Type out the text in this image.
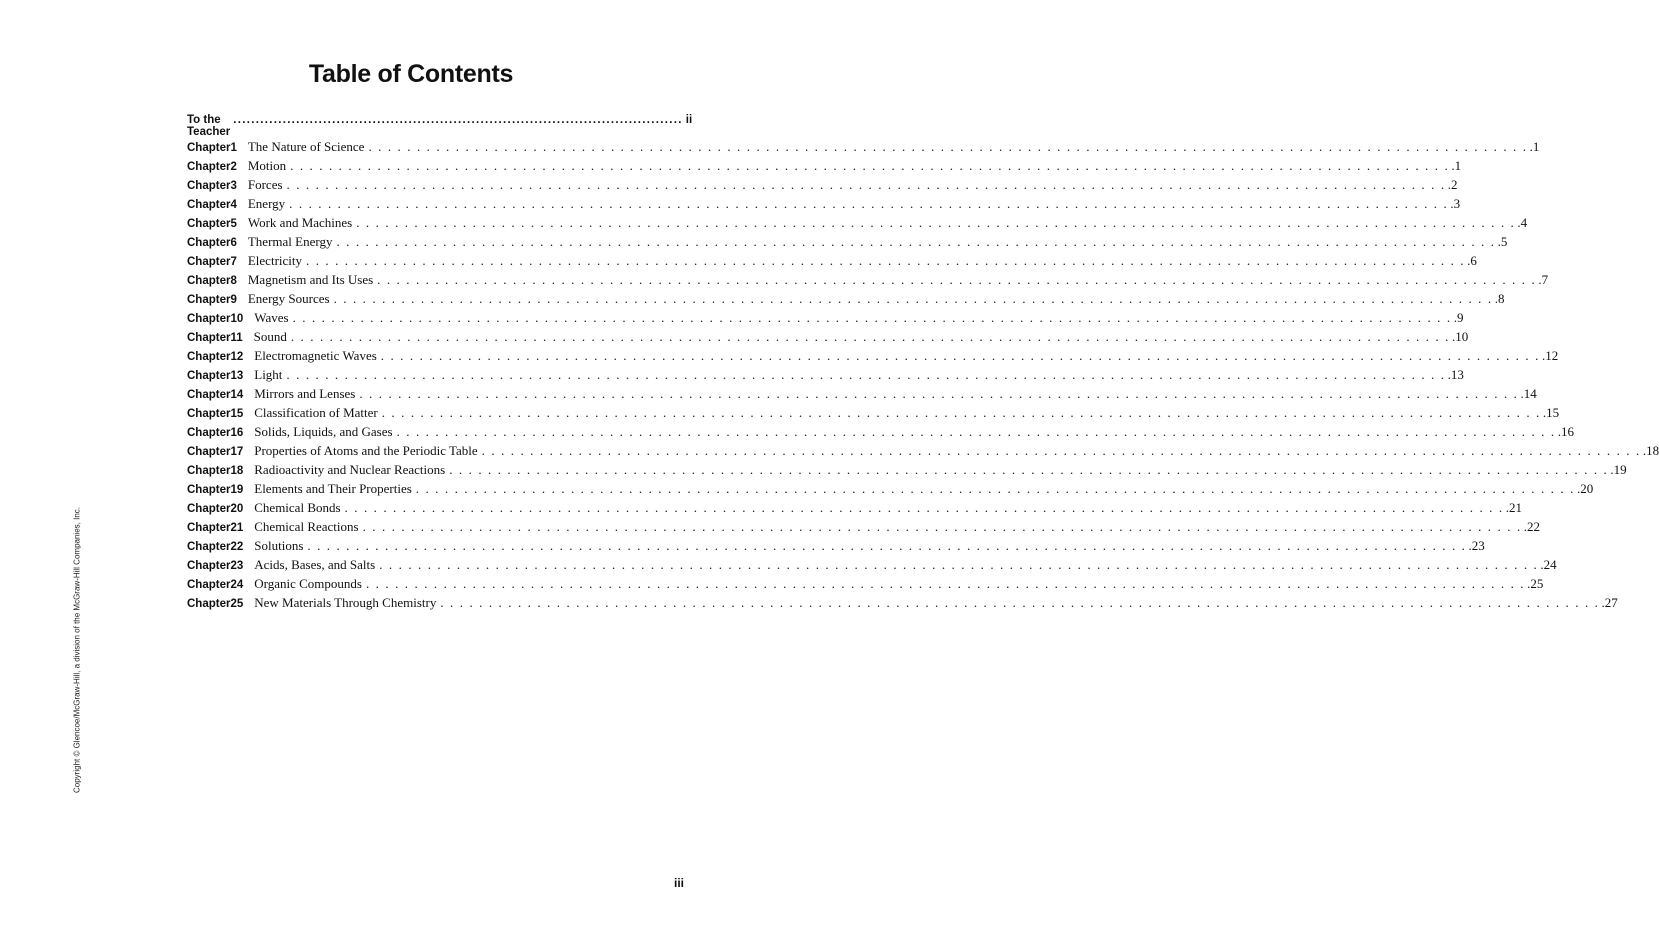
Table of Contents
To the Teacher
.................................................................................................... ii
Chapter 1 The Nature of Science . . . . . . . . . . . . . . . . . . . . . . . . . . . . . . . . . . . . . . . . . . . . . . . . . . . . . . . . . . . . . . . . . . . . . . . . . . . . . . . . . . . . . . . . . . . . . . . . . . . . . . . . . . . . . . . . . . . . . . . . .1
Chapter 2 Motion . . . . . . . . . . . . . . . . . . . . . . . . . . . . . . . . . . . . . . . . . . . . . . . . . . . . . . . . . . . . . . . . . . . . . . . . . . . . . . . . . . . . . . . . . . . . . . . . . . . . . . . . . . . . . . . . . . . . . . . . .1
Chapter 3 Forces . . . . . . . . . . . . . . . . . . . . . . . . . . . . . . . . . . . . . . . . . . . . . . . . . . . . . . . . . . . . . . . . . . . . . . . . . . . . . . . . . . . . . . . . . . . . . . . . . . . . . . . . . . . . . . . . . . . . . . . . .2
Chapter 4 Energy . . . . . . . . . . . . . . . . . . . . . . . . . . . . . . . . . . . . . . . . . . . . . . . . . . . . . . . . . . . . . . . . . . . . . . . . . . . . . . . . . . . . . . . . . . . . . . . . . . . . . . . . . . . . . . . . . . . . . . . . .3
Chapter 5 Work and Machines . . . . . . . . . . . . . . . . . . . . . . . . . . . . . . . . . . . . . . . . . . . . . . . . . . . . . . . . . . . . . . . . . . . . . . . . . . . . . . . . . . . . . . . . . . . . . . . . . . . . . . . . . . . . . . . . . . . . . . . . .4
Chapter 6 Thermal Energy . . . . . . . . . . . . . . . . . . . . . . . . . . . . . . . . . . . . . . . . . . . . . . . . . . . . . . . . . . . . . . . . . . . . . . . . . . . . . . . . . . . . . . . . . . . . . . . . . . . . . . . . . . . . . . . . . . . . . . . . .5
Chapter 7 Electricity . . . . . . . . . . . . . . . . . . . . . . . . . . . . . . . . . . . . . . . . . . . . . . . . . . . . . . . . . . . . . . . . . . . . . . . . . . . . . . . . . . . . . . . . . . . . . . . . . . . . . . . . . . . . . . . . . . . . . . . . .6
Chapter 8 Magnetism and Its Uses . . . . . . . . . . . . . . . . . . . . . . . . . . . . . . . . . . . . . . . . . . . . . . . . . . . . . . . . . . . . . . . . . . . . . . . . . . . . . . . . . . . . . . . . . . . . . . . . . . . . . . . . . . . . . . . . . . . . . . . . .7
Chapter 9 Energy Sources . . . . . . . . . . . . . . . . . . . . . . . . . . . . . . . . . . . . . . . . . . . . . . . . . . . . . . . . . . . . . . . . . . . . . . . . . . . . . . . . . . . . . . . . . . . . . . . . . . . . . . . . . . . . . . . . . . . . . . . . .8
Chapter 10 Waves . . . . . . . . . . . . . . . . . . . . . . . . . . . . . . . . . . . . . . . . . . . . . . . . . . . . . . . . . . . . . . . . . . . . . . . . . . . . . . . . . . . . . . . . . . . . . . . . . . . . . . . . . . . . . . . . . . . . . . . . .9
Chapter 11 Sound . . . . . . . . . . . . . . . . . . . . . . . . . . . . . . . . . . . . . . . . . . . . . . . . . . . . . . . . . . . . . . . . . . . . . . . . . . . . . . . . . . . . . . . . . . . . . . . . . . . . . . . . . . . . . . . . . . . . . . . . .10
Chapter 12 Electromagnetic Waves . . . . . . . . . . . . . . . . . . . . . . . . . . . . . . . . . . . . . . . . . . . . . . . . . . . . . . . . . . . . . . . . . . . . . . . . . . . . . . . . . . . . . . . . . . . . . . . . . . . . . . . . . . . . . . . . . . . . . . . . .12
Chapter 13 Light . . . . . . . . . . . . . . . . . . . . . . . . . . . . . . . . . . . . . . . . . . . . . . . . . . . . . . . . . . . . . . . . . . . . . . . . . . . . . . . . . . . . . . . . . . . . . . . . . . . . . . . . . . . . . . . . . . . . . . . . .13
Chapter 14 Mirrors and Lenses . . . . . . . . . . . . . . . . . . . . . . . . . . . . . . . . . . . . . . . . . . . . . . . . . . . . . . . . . . . . . . . . . . . . . . . . . . . . . . . . . . . . . . . . . . . . . . . . . . . . . . . . . . . . . . . . . . . . . . . . .14
Chapter 15 Classification of Matter . . . . . . . . . . . . . . . . . . . . . . . . . . . . . . . . . . . . . . . . . . . . . . . . . . . . . . . . . . . . . . . . . . . . . . . . . . . . . . . . . . . . . . . . . . . . . . . . . . . . . . . . . . . . . . . . . . . . . . . . .15
Chapter 16 Solids, Liquids, and Gases . . . . . . . . . . . . . . . . . . . . . . . . . . . . . . . . . . . . . . . . . . . . . . . . . . . . . . . . . . . . . . . . . . . . . . . . . . . . . . . . . . . . . . . . . . . . . . . . . . . . . . . . . . . . . . . . . . . . . . . . .16
Chapter 17 Properties of Atoms and the Periodic Table . . . . . . . . . . . . . . . . . . . . . . . . . . . . . . . . . . . . . . . . . . . . . . . . . . . . . . . . . . . . . . . . . . . . . . . . . . . . . . . . . . . . . . . . . . . . . . . . . . . . . . . . . . . . . . . . . . . . . . . . .18
Chapter 18 Radioactivity and Nuclear Reactions . . . . . . . . . . . . . . . . . . . . . . . . . . . . . . . . . . . . . . . . . . . . . . . . . . . . . . . . . . . . . . . . . . . . . . . . . . . . . . . . . . . . . . . . . . . . . . . . . . . . . . . . . . . . . . . . . . . . . . . . .19
Chapter 19 Elements and Their Properties . . . . . . . . . . . . . . . . . . . . . . . . . . . . . . . . . . . . . . . . . . . . . . . . . . . . . . . . . . . . . . . . . . . . . . . . . . . . . . . . . . . . . . . . . . . . . . . . . . . . . . . . . . . . . . . . . . . . . . . . .20
Chapter 20 Chemical Bonds . . . . . . . . . . . . . . . . . . . . . . . . . . . . . . . . . . . . . . . . . . . . . . . . . . . . . . . . . . . . . . . . . . . . . . . . . . . . . . . . . . . . . . . . . . . . . . . . . . . . . . . . . . . . . . . . . . . . . . . . .21
Chapter 21 Chemical Reactions . . . . . . . . . . . . . . . . . . . . . . . . . . . . . . . . . . . . . . . . . . . . . . . . . . . . . . . . . . . . . . . . . . . . . . . . . . . . . . . . . . . . . . . . . . . . . . . . . . . . . . . . . . . . . . . . . . . . . . . . .22
Chapter 22 Solutions . . . . . . . . . . . . . . . . . . . . . . . . . . . . . . . . . . . . . . . . . . . . . . . . . . . . . . . . . . . . . . . . . . . . . . . . . . . . . . . . . . . . . . . . . . . . . . . . . . . . . . . . . . . . . . . . . . . . . . . . .23
Chapter 23 Acids, Bases, and Salts . . . . . . . . . . . . . . . . . . . . . . . . . . . . . . . . . . . . . . . . . . . . . . . . . . . . . . . . . . . . . . . . . . . . . . . . . . . . . . . . . . . . . . . . . . . . . . . . . . . . . . . . . . . . . . . . . . . . . . . . .24
Chapter 24 Organic Compounds . . . . . . . . . . . . . . . . . . . . . . . . . . . . . . . . . . . . . . . . . . . . . . . . . . . . . . . . . . . . . . . . . . . . . . . . . . . . . . . . . . . . . . . . . . . . . . . . . . . . . . . . . . . . . . . . . . . . . . . . .25
Chapter 25 New Materials Through Chemistry . . . . . . . . . . . . . . . . . . . . . . . . . . . . . . . . . . . . . . . . . . . . . . . . . . . . . . . . . . . . . . . . . . . . . . . . . . . . . . . . . . . . . . . . . . . . . . . . . . . . . . . . . . . . . . . . . . . . . . . . .27
Copyright © Glencoe/McGraw-Hill, a division of the McGraw-Hill Companies, Inc.
iii
